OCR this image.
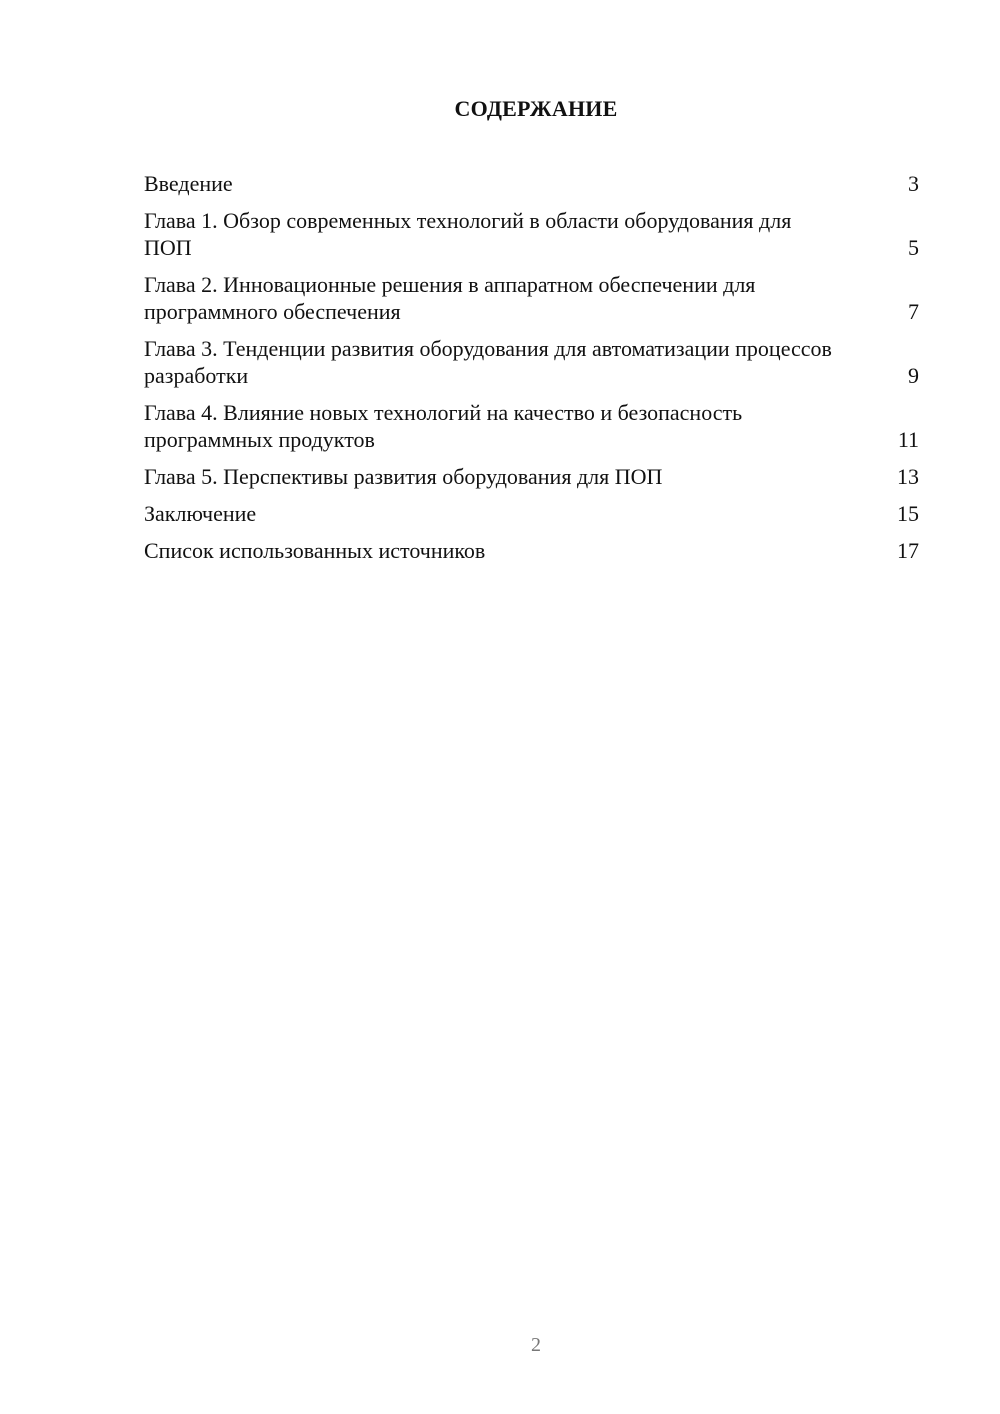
СОДЕРЖАНИЕ
Введение	3
Глава 1. Обзор современных технологий в области оборудования для ПОП	5
Глава 2. Инновационные решения в аппаратном обеспечении для программного обеспечения	7
Глава 3. Тенденции развития оборудования для автоматизации процессов разработки	9
Глава 4. Влияние новых технологий на качество и безопасность программных продуктов	11
Глава 5. Перспективы развития оборудования для ПОП	13
Заключение	15
Список использованных источников	17
2
